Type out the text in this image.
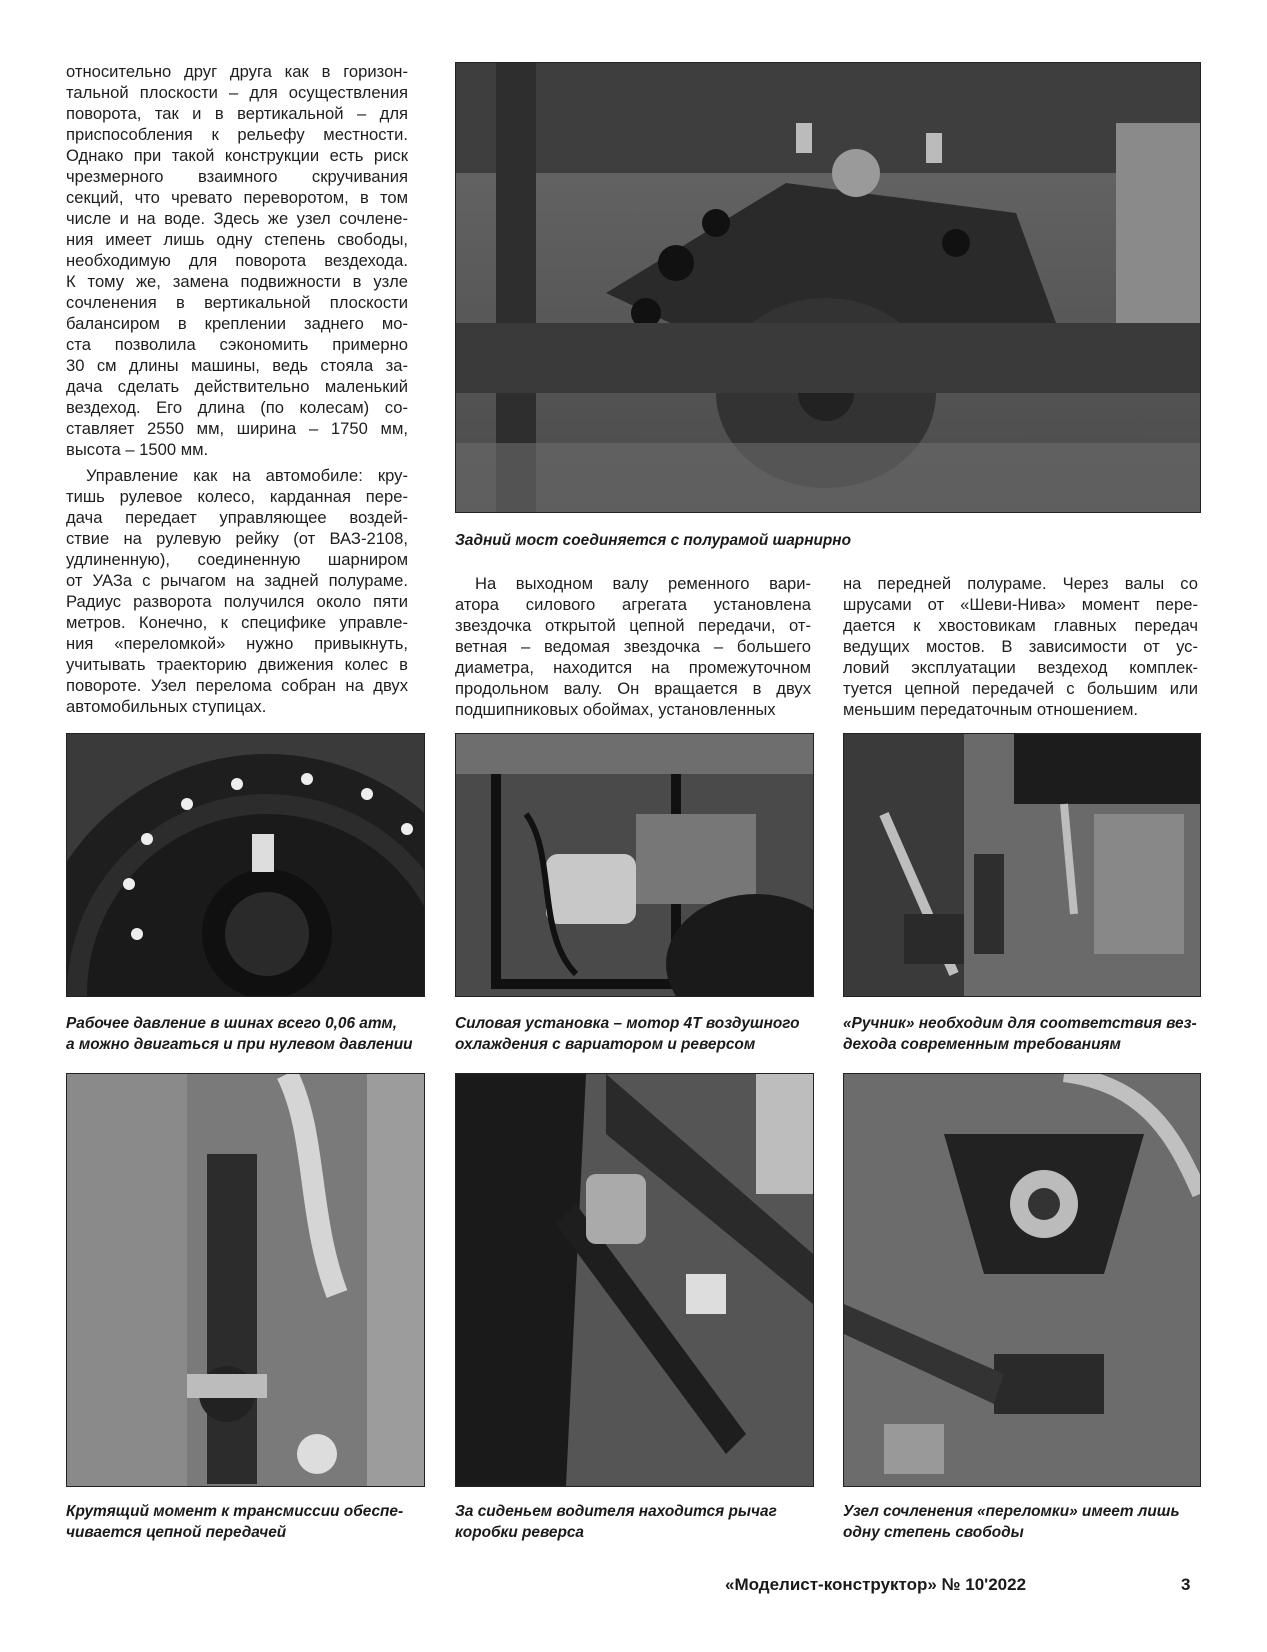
относительно друг друга как в горизон-
тальной плоскости – для осуществления
поворота, так и в вертикальной – для
приспособления к рельефу местности.
Однако при такой конструкции есть риск
чрезмерного взаимного скручивания
секций, что чревато переворотом, в том
числе и на воде. Здесь же узел сочлене-
ния имеет лишь одну степень свободы,
необходимую для поворота вездехода.
К тому же, замена подвижности в узле
сочленения в вертикальной плоскости
балансиром в креплении заднего мо-
ста позволила сэкономить примерно
30 см длины машины, ведь стояла за-
дача сделать действительно маленький
вездеход. Его длина (по колесам) со-
ставляет 2550 мм, ширина – 1750 мм,
высота – 1500 мм.
Управление как на автомобиле: кру-
тишь рулевое колесо, карданная пере-
дача передает управляющее воздей-
ствие на рулевую рейку (от ВАЗ-2108,
удлиненную), соединенную шарниром
от УАЗа с рычагом на задней полураме.
Радиус разворота получился около пяти
метров. Конечно, к специфике управле-
ния «переломкой» нужно привыкнуть,
учитывать траекторию движения колес в
повороте. Узел перелома собран на двух
автомобильных ступицах.
На выходном валу ременного вари-
атора силового агрегата установлена
звездочка открытой цепной передачи, от-
ветная – ведомая звездочка – большего
диаметра, находится на промежуточном
продольном валу. Он вращается в двух
подшипниковых обоймах, установленных
на передней полураме. Через валы со
шрусами от «Шеви-Нива» момент пере-
дается к хвостовикам главных передач
ведущих мостов. В зависимости от ус-
ловий эксплуатации вездеход комплек-
туется цепной передачей с большим или
меньшим передаточным отношением.
Задний мост соединяется с полурамой шарнирно
Рабочее давление в шинах всего 0,06 атм,
а можно двигаться и при нулевом давлении
Силовая установка – мотор 4Т воздушного
охлаждения с вариатором и реверсом
«Ручник» необходим для соответствия вез-
дехода современным требованиям
Крутящий момент к трансмиссии обеспе-
чивается цепной передачей
За сиденьем водителя находится рычаг
коробки реверса
Узел сочленения «переломки» имеет лишь
одну степень свободы
«Моделист-конструктор» № 10'2022	3
